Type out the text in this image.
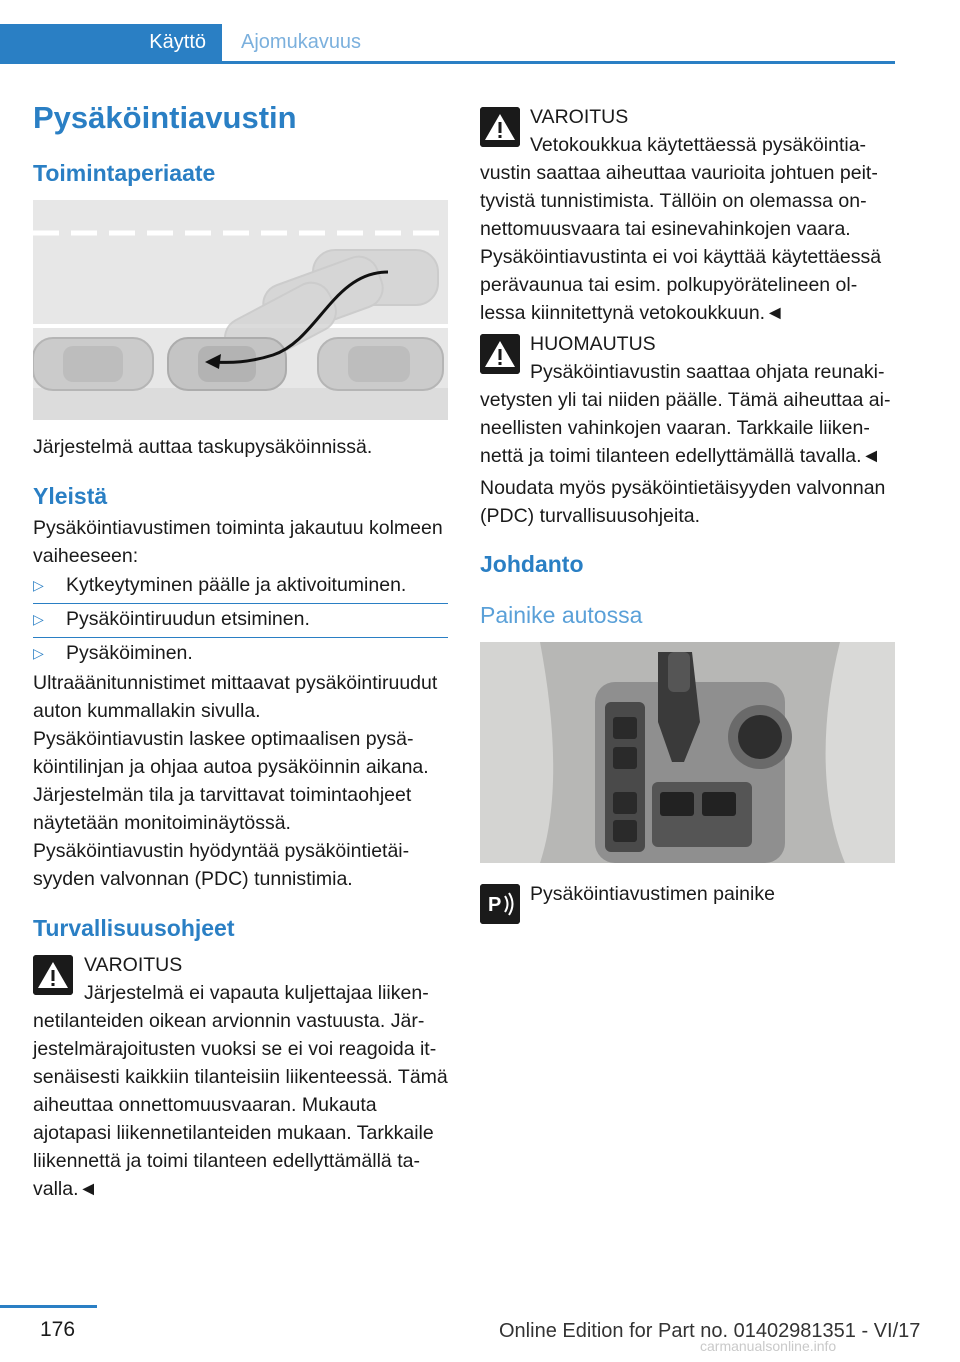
Käyttö Ajomukavuus
Pysäköintiavustin
Toimintaperiaate
Järjestelmä auttaa taskupysäköinnissä.
Yleistä
Pysäköintiavustimen toiminta jakautuu kolmeen vaiheeseen:
▷ Kytkeytyminen päälle ja aktivoituminen.
▷ Pysäköintiruudun etsiminen.
▷ Pysäköiminen.
Ultraäänitunnistimet mittaavat pysäköintiruudut auton kummallakin sivulla.
Pysäköintiavustin laskee optimaalisen pysäköintilinjan ja ohjaa autoa pysäköinnin aikana.
Järjestelmän tila ja tarvittavat toimintaohjeet näytetään monitoiminäytössä.
Pysäköintiavustin hyödyntää pysäköintietäisyyden valvonnan (PDC) tunnistimia.
Turvallisuusohjeet
VAROITUS
Järjestelmä ei vapauta kuljettajaa liikennetilanteiden oikean arvionnin vastuusta. Järjestelmärajoitusten vuoksi se ei voi reagoida itsenäisesti kaikkiin tilanteisiin liikenteessä. Tämä aiheuttaa onnettomuusvaaran. Mukauta ajotapasi liikennetilanteiden mukaan. Tarkkaile liikennettä ja toimi tilanteen edellyttämällä tavalla.◄
VAROITUS
Vetokoukkua käytettäessä pysäköintiavustin saattaa aiheuttaa vaurioita johtuen peittyvistä tunnistimista. Tällöin on olemassa onnettomuusvaara tai esinevahinkojen vaara. Pysäköintiavustinta ei voi käyttää käytettäessä perävaunua tai esim. polkupyörätelineen ollessa kiinnitettynä vetokoukkuun.◄
HUOMAUTUS
Pysäköintiavustin saattaa ohjata reunakivetysten yli tai niiden päälle. Tämä aiheuttaa aineellisten vahinkojen vaaran. Tarkkaile liikennettä ja toimi tilanteen edellyttämällä tavalla.◄
Noudata myös pysäköintietäisyyden valvonnan (PDC) turvallisuusohjeita.
Johdanto
Painike autossa
P Pysäköintiavustimen painike
176	Online Edition for Part no. 01402981351 - VI/17
carmanualsonline.info
